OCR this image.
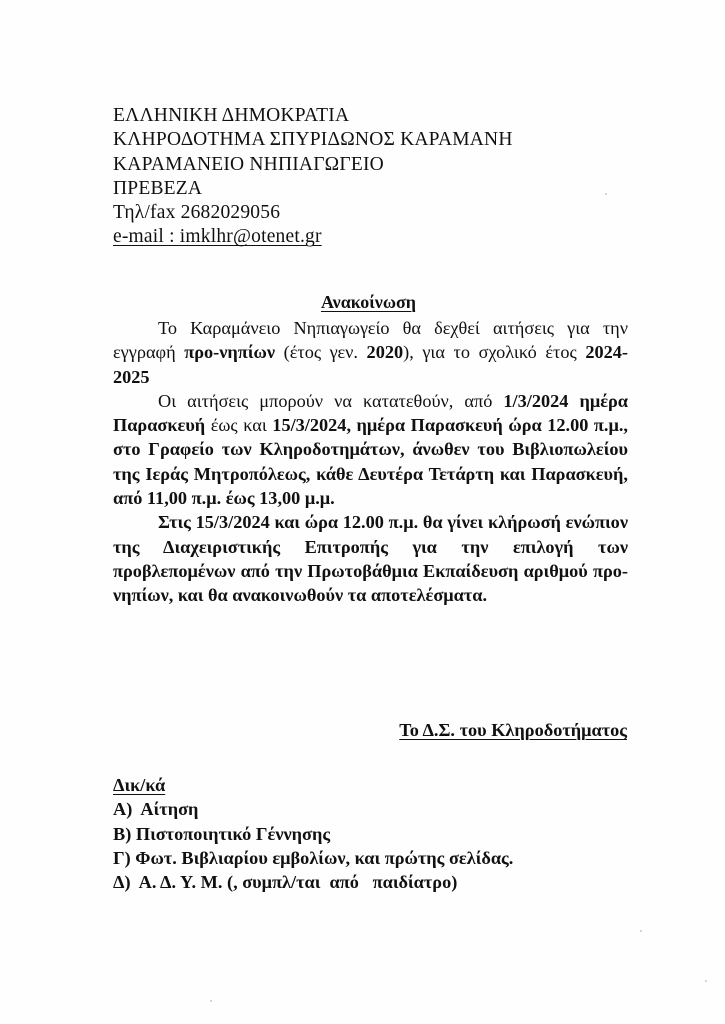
ΕΛΛΗΝΙΚΗ ΔΗΜΟΚΡΑΤΙΑ
ΚΛΗΡΟΔΟΤΗΜΑ ΣΠΥΡΙΔΩΝΟΣ ΚΑΡΑΜΑΝΗ
ΚΑΡΑΜΑΝΕΙΟ ΝΗΠΙΑΓΩΓΕΙΟ
ΠΡΕΒΕΖΑ
Τηλ/fax 2682029056
e-mail : imklhr@otenet.gr
Ανακοίνωση

Το Καραμάνειο Νηπιαγωγείο θα δεχθεί αιτήσεις για την εγγραφή προ-νηπίων (έτος γεν. 2020), για το σχολικό έτος 2024-2025

Οι αιτήσεις μπορούν να κατατεθούν, από 1/3/2024 ημέρα Παρασκευή έως και 15/3/2024, ημέρα Παρασκευή ώρα 12.00 π.μ., στο Γραφείο των Κληροδοτημάτων, άνωθεν του Βιβλιοπωλείου της Ιεράς Μητροπόλεως, κάθε Δευτέρα Τετάρτη και Παρασκευή, από 11,00 π.μ. έως 13,00 μ.μ.

Στις 15/3/2024 και ώρα 12.00 π.μ. θα γίνει κλήρωσή ενώπιον της Διαχειριστικής Επιτροπής για την επιλογή των προβλεπομένων από την Πρωτοβάθμια Εκπαίδευση αριθμού προ-νηπίων, και θα ανακοινωθούν τα αποτελέσματα.

Το Δ.Σ. του Κληροδοτήματος
Δικ/κά
Α)  Αίτηση
Β) Πιστοποιητικό Γέννησης
Γ) Φωτ. Βιβλιαρίου εμβολίων, και πρώτης σελίδας.
Δ)  Α. Δ. Υ. Μ. (, συμπλ/ται  από   παιδίατρο)
